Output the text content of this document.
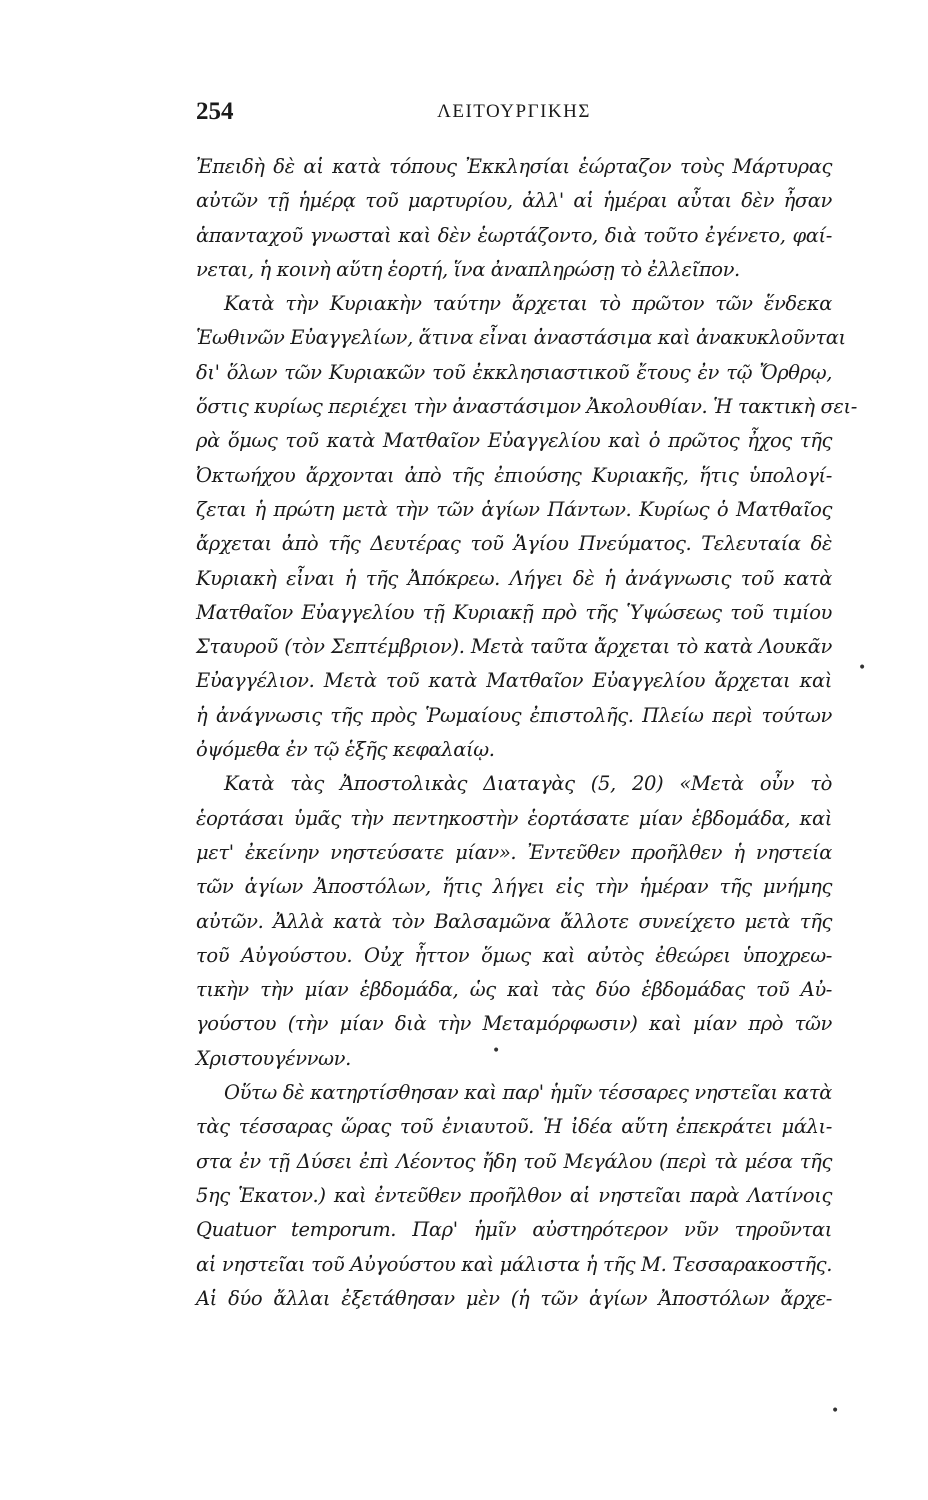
254	ΛΕΙΤΟΥΡΓΙΚΗΣ
Ἐπειδὴ δὲ αἱ κατὰ τόπους Ἐκκλησίαι ἑώρταζον τοὺς Μάρτυρας
αὐτῶν τῇ ἡμέρᾳ τοῦ μαρτυρίου, ἀλλ' αἱ ἡμέραι αὗται δὲν ἦσαν
ἁπανταχοῦ γνωσταὶ καὶ δὲν ἑωρτάζοντο, διὰ τοῦτο ἐγένετο, φαί-
νεται, ἡ κοινὴ αὕτη ἑορτή, ἵνα ἀναπληρώσῃ τὸ ἐλλεῖπον.
Κατὰ τὴν Κυριακὴν ταύτην ἄρχεται τὸ πρῶτον τῶν ἕνδεκα
Ἑωθινῶν Εὐαγγελίων, ἅτινα εἶναι ἀναστάσιμα καὶ ἀνακυκλοῦνται
δι' ὅλων τῶν Κυριακῶν τοῦ ἐκκλησιαστικοῦ ἔτους ἐν τῷ Ὄρθρῳ,
ὅστις κυρίως περιέχει τὴν ἀναστάσιμον Ἀκολουθίαν. Ἡ τακτικὴ σει-
ρὰ ὅμως τοῦ κατὰ Ματθαῖον Εὐαγγελίου καὶ ὁ πρῶτος ἦχος τῆς
Ὀκτωήχου ἄρχονται ἀπὸ τῆς ἐπιούσης Κυριακῆς, ἥτις ὑπολογί-
ζεται ἡ πρώτη μετὰ τὴν τῶν ἁγίων Πάντων. Κυρίως ὁ Ματθαῖος
ἄρχεται ἀπὸ τῆς Δευτέρας τοῦ Ἁγίου Πνεύματος. Τελευταία δὲ
Κυριακὴ εἶναι ἡ τῆς Ἀπόκρεω. Λήγει δὲ ἡ ἀνάγνωσις τοῦ κατὰ
Ματθαῖον Εὐαγγελίου τῇ Κυριακῇ πρὸ τῆς Ὑψώσεως τοῦ τιμίου
Σταυροῦ (τὸν Σεπτέμβριον). Μετὰ ταῦτα ἄρχεται τὸ κατὰ Λουκᾶν
Εὐαγγέλιον. Μετὰ τοῦ κατὰ Ματθαῖον Εὐαγγελίου ἄρχεται καὶ
ἡ ἀνάγνωσις τῆς πρὸς Ῥωμαίους ἐπιστολῆς. Πλείω περὶ τούτων
ὀψόμεθα ἐν τῷ ἑξῆς κεφαλαίῳ.
Κατὰ τὰς Ἀποστολικὰς Διαταγὰς (5, 20) «Μετὰ οὖν τὸ
ἑορτάσαι ὑμᾶς τὴν πεντηκοστὴν ἑορτάσατε μίαν ἑβδομάδα, καὶ
μετ' ἐκείνην νηστεύσατε μίαν». Ἐντεῦθεν προῆλθεν ἡ νηστεία
τῶν ἁγίων Ἀποστόλων, ἥτις λήγει εἰς τὴν ἡμέραν τῆς μνήμης
αὐτῶν. Ἀλλὰ κατὰ τὸν Βαλσαμῶνα ἄλλοτε συνείχετο μετὰ τῆς
τοῦ Αὐγούστου. Οὐχ ἧττον ὅμως καὶ αὐτὸς ἐθεώρει ὑποχρεω-
τικὴν τὴν μίαν ἑβδομάδα, ὡς καὶ τὰς δύο ἑβδομάδας τοῦ Αὐ-
γούστου (τὴν μίαν διὰ τὴν Μεταμόρφωσιν) καὶ μίαν πρὸ τῶν
Χριστουγέννων.
Οὕτω δὲ κατηρτίσθησαν καὶ παρ' ἡμῖν τέσσαρες νηστεῖαι κατὰ
τὰς τέσσαρας ὥρας τοῦ ἐνιαυτοῦ. Ἡ ἰδέα αὕτη ἐπεκράτει μάλι-
στα ἐν τῇ Δύσει ἐπὶ Λέοντος ἤδη τοῦ Μεγάλου (περὶ τὰ μέσα τῆς
5ης Ἑκατον.) καὶ ἐντεῦθεν προῆλθον αἱ νηστεῖαι παρὰ Λατίνοις
Quatuor temporum. Παρ' ἡμῖν αὐστηρότερον νῦν τηροῦνται
αἱ νηστεῖαι τοῦ Αὐγούστου καὶ μάλιστα ἡ τῆς Μ. Τεσσαρακοστῆς.
Αἱ δύο ἄλλαι ἐξετάθησαν μὲν (ἡ τῶν ἁγίων Ἀποστόλων ἄρχε-
•
•
•
